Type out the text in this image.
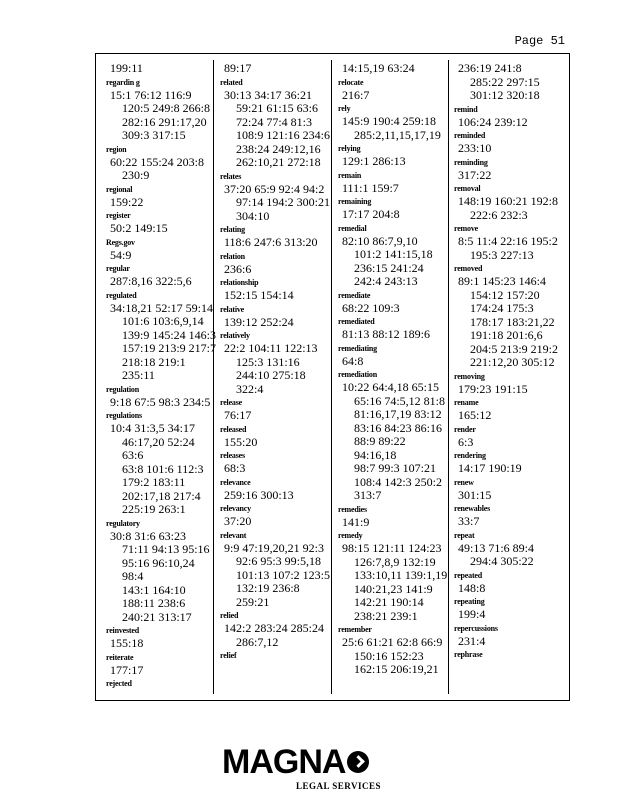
Page 51
199:11
regardin g
15:1 76:12 116:9
120:5 249:8 266:8
282:16 291:17,20
309:3 317:15
region
60:22 155:24 203:8
230:9
regional
159:22
register
50:2 149:15
Regs.gov
54:9
regular
287:8,16 322:5,6
regulated
34:18,21 52:17 59:14
101:6 103:6,9,14
139:9 145:24 146:3
157:19 213:9 217:7
218:18 219:1
235:11
regulation
9:18 67:5 98:3 234:5
regulations
10:4 31:3,5 34:17
46:17,20 52:24 63:6
63:8 101:6 112:3
179:2 183:11
202:17,18 217:4
225:19 263:1
regulatory
30:8 31:6 63:23
71:11 94:13 95:16
95:16 96:10,24 98:4
143:1 164:10
188:11 238:6
240:21 313:17
reinvested
155:18
reiterate
177:17
rejected
89:17
related
30:13 34:17 36:21
59:21 61:15 63:6
72:24 77:4 81:3
108:9 121:16 234:6
238:24 249:12,16
262:10,21 272:18
relates
37:20 65:9 92:4 94:2
97:14 194:2 300:21
304:10
relating
118:6 247:6 313:20
relation
236:6
relationship
152:15 154:14
relative
139:12 252:24
relatively
22:2 104:11 122:13
125:3 131:16
244:10 275:18
322:4
release
76:17
released
155:20
releases
68:3
relevance
259:16 300:13
relevancy
37:20
relevant
9:9 47:19,20,21 92:3
92:6 95:3 99:5,18
101:13 107:2 123:5
132:19 236:8
259:21
relied
142:2 283:24 285:24
286:7,12
relief
14:15,19 63:24
relocate
216:7
rely
145:9 190:4 259:18
285:2,11,15,17,19
relying
129:1 286:13
remain
111:1 159:7
remaining
17:17 204:8
remedial
82:10 86:7,9,10
101:2 141:15,18
236:15 241:24
242:4 243:13
remediate
68:22 109:3
remediated
81:13 88:12 189:6
remediating
64:8
remediation
10:22 64:4,18 65:15
65:16 74:5,12 81:8
81:16,17,19 83:12
83:16 84:23 86:16
88:9 89:22 94:16,18
98:7 99:3 107:21
108:4 142:3 250:2
313:7
remedies
141:9
remedy
98:15 121:11 124:23
126:7,8,9 132:19
133:10,11 139:1,19
140:21,23 141:9
142:21 190:14
238:21 239:1
remember
25:6 61:21 62:8 66:9
150:16 152:23
162:15 206:19,21
236:19 241:8
285:22 297:15
301:12 320:18
remind
106:24 239:12
reminded
233:10
reminding
317:22
removal
148:19 160:21 192:8
222:6 232:3
remove
8:5 11:4 22:16 195:2
195:3 227:13
removed
89:1 145:23 146:4
154:12 157:20
174:24 175:3
178:17 183:21,22
191:18 201:6,6
204:5 213:9 219:2
221:12,20 305:12
removing
179:23 191:15
rename
165:12
render
6:3
rendering
14:17 190:19
renew
301:15
renewables
33:7
repeat
49:13 71:6 89:4
294:4 305:22
repeated
148:8
repeating
199:4
repercussions
231:4
rephrase
MAGNA
LEGAL SERVICES
